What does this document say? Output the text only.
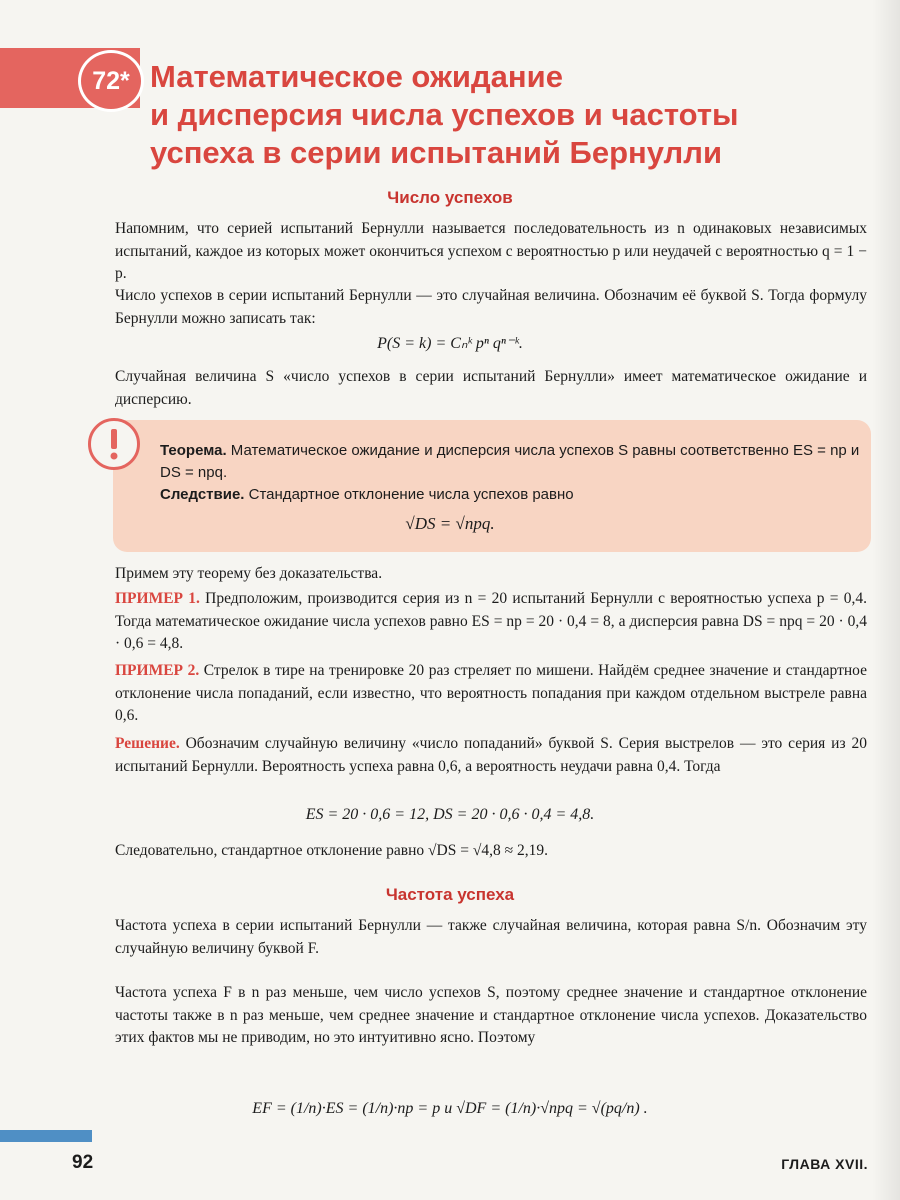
72* Математическое ожидание
и дисперсия числа успехов и частоты
успеха в серии испытаний Бернулли
Число успехов

Напомним, что серией испытаний Бернулли называется последовательность из n одинаковых независимых испытаний, каждое из которых может окончиться успехом с вероятностью p или неудачей с вероятностью q = 1 − p.

Число успехов в серии испытаний Бернулли — это случайная величина. Обозначим её буквой S. Тогда формулу Бернулли можно записать так:

P(S = k) = Cₙᵏ pⁿ qⁿ⁻ᵏ.

Случайная величина S «число успехов в серии испытаний Бернулли» имеет математическое ожидание и дисперсию.

Теорема. Математическое ожидание и дисперсия числа успехов S равны соответственно ES = np и DS = npq.

Следствие. Стандартное отклонение числа успехов равно

√DS = √npq.

Примем эту теорему без доказательства.

ПРИМЕР 1. Предположим, производится серия из n = 20 испытаний Бернулли с вероятностью успеха p = 0,4. Тогда математическое ожидание числа успехов равно ES = np = 20 · 0,4 = 8, а дисперсия равна DS = npq = 20 · 0,4 · 0,6 = 4,8.

ПРИМЕР 2. Стрелок в тире на тренировке 20 раз стреляет по мишени. Найдём среднее значение и стандартное отклонение числа попаданий, если известно, что вероятность попадания при каждом отдельном выстреле равна 0,6.

Решение. Обозначим случайную величину «число попаданий» буквой S. Серия выстрелов — это серия из 20 испытаний Бернулли. Вероятность успеха равна 0,6, а вероятность неудачи равна 0,4. Тогда

ES = 20 · 0,6 = 12, DS = 20 · 0,6 · 0,4 = 4,8.

Следовательно, стандартное отклонение равно √DS = √4,8 ≈ 2,19.

Частота успеха

Частота успеха в серии испытаний Бернулли — также случайная величина, которая равна S/n. Обозначим эту случайную величину буквой F.

Частота успеха F в n раз меньше, чем число успехов S, поэтому среднее значение и стандартное отклонение частоты также в n раз меньше, чем среднее значение и стандартное отклонение числа успехов. Доказательство этих фактов мы не приводим, но это интуитивно ясно. Поэтому

EF = (1/n)·ES = (1/n)·np = p и √DF = (1/n)·√npq = √(pq/n) .

92	ГЛАВА XVII.
